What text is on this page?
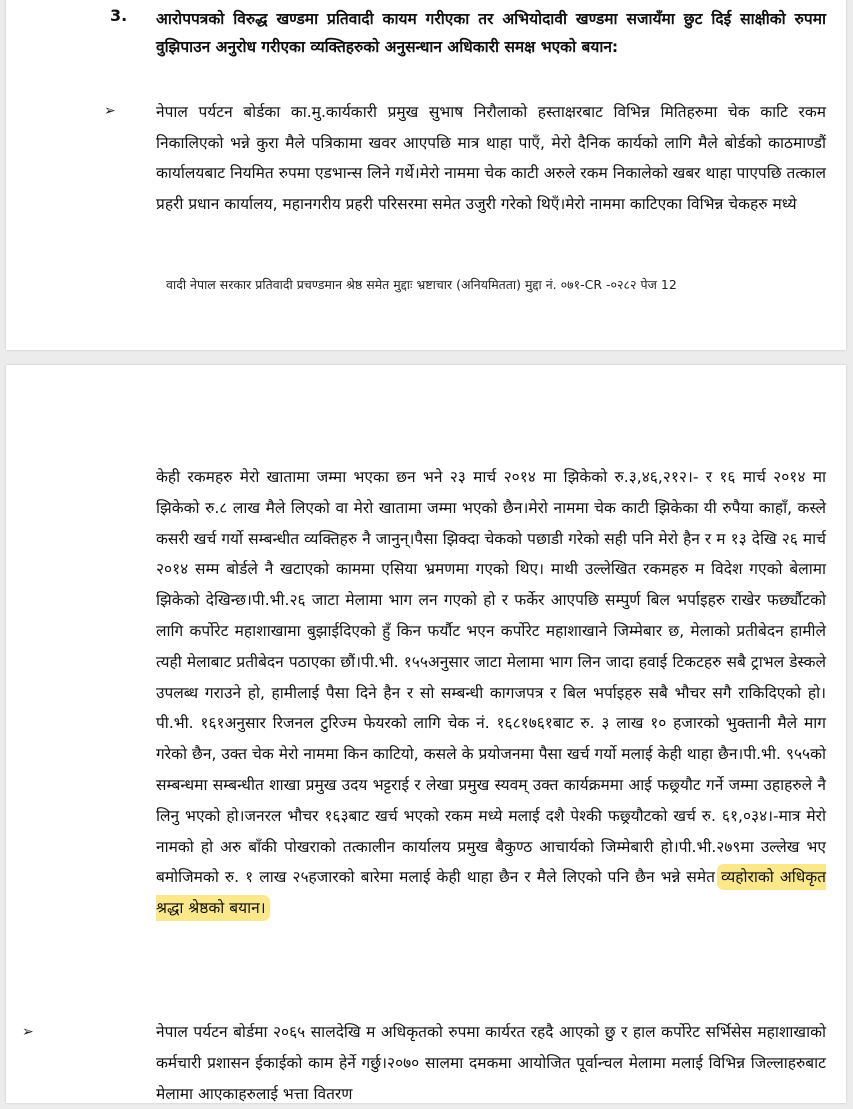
3. आरोपपत्रको विरुद्ध खण्डमा प्रतिवादी कायम गरीएका तर अभियोदावी खण्डमा सजायँमा छुट दिई साक्षीको रुपमा वुझिपाउन अनुरोध गरीएका व्यक्तिहरुको अनुसन्धान अधिकारी समक्ष भएको बयान:
➢	नेपाल पर्यटन बोर्डका का.मु.कार्यकारी प्रमुख सुभाष निरौलाको हस्ताक्षरबाट विभिन्न मितिहरुमा चेक काटि रकम निकालिएको भन्ने कुरा मैले पत्रिकामा खवर आएपछि मात्र थाहा पाएँ, मेरो दैनिक कार्यको लागि मैले बोर्डको काठमाण्डौं कार्यालयबाट नियमित रुपमा एडभान्स लिने गर्थे।मेरो नाममा चेक काटी अरुले रकम निकालेको खबर थाहा पाएपछि तत्काल प्रहरी प्रधान कार्यालय, महानगरीय प्रहरी परिसरमा समेत उजुरी गरेको थिएँ।मेरो नाममा काटिएका विभिन्न चेकहरु मध्ये
वादी नेपाल सरकार प्रतिवादी प्रचण्डमान श्रेष्ठ समेत मुद्दाः भ्रष्टाचार (अनियमितता) मुद्दा नं. ०७१-CR -०२८२ पेज 12
केही रकमहरु मेरो खातामा जम्मा भएका छन भने २३ मार्च २०१४ मा झिकेको रु.३,४६,२१२।- र १६ मार्च २०१४ मा झिकेको रु.८ लाख मैले लिएको वा मेरो खातामा जम्मा भएको छैन।मेरो नाममा चेक काटी झिकेका यी रुपैया काहाँ, कस्ले कसरी खर्च गर्यो सम्बन्धीत व्यक्तिहरु नै जानुन्।पैसा झिक्दा चेकको पछाडी गरेको सही पनि मेरो हैन र म १३ देखि २६ मार्च २०१४ सम्म बोर्डले नै खटाएको काममा एसिया भ्रमणमा गएको थिए। माथी उल्लेखित रकमहरु म विदेश गएको बेलामा झिकेको देखिन्छ।पी.भी.२६ जाटा मेलामा भाग लन गएको हो र फर्केर आएपछि सम्पुर्ण बिल भर्पाइहरु राखेर फर्छ्यौटको लागि कर्पोरेट महाशाखामा बुझाईदिएको हुँ किन फर्यौट भएन कर्पोरेट महाशाखाने जिम्मेबार छ, मेलाको प्रतीबेदन हामीले त्यही मेलाबाट प्रतीबेदन पठाएका छौं।पी.भी. १५५अनुसार जाटा मेलामा भाग लिन जादा हवाई टिकटहरु सबै ट्राभल डेस्कले उपलब्ध गराउने हो, हामीलाई पैसा दिने हैन र सो सम्बन्धी कागजपत्र र बिल भर्पाइहरु सबै भौचर सगै राकिदिएको हो।पी.भी. १६१अनुसार रिजनल टुरिज्म फेयरको लागि चेक नं. १६८१७६१बाट रु. ३ लाख १० हजारको भुक्तानी मैले माग गरेको छैन, उक्त चेक मेरो नाममा किन काटियो, कसले के प्रयोजनमा पैसा खर्च गर्यो मलाई केही थाहा छैन।पी.भी. ९५५को सम्बन्धमा सम्बन्धीत शाखा प्रमुख उदय भट्टराई र लेखा प्रमुख स्यवम् उक्त कार्यक्रममा आई फछ्र्यौट गर्ने जम्मा उहाहरुले नै लिनु भएको हो।जनरल भौचर १६३बाट खर्च भएको रकम मध्ये मलाई दशै पेश्की फछ्र्यौटको खर्च रु. ६१,०३४।-मात्र मेरो नामको हो अरु बाँकी पोखराको तत्कालीन कार्यालय प्रमुख बैकुण्ठ आचार्यको जिम्मेबारी हो।पी.भी.२७९मा उल्लेख भए बमोजिमको रु. १ लाख २५हजारको बारेमा मलाई केही थाहा छैन र मैले लिएको पनि छैन भन्ने समेत व्यहोराको अधिकृत श्रद्धा श्रेष्ठको बयान।
➢	नेपाल पर्यटन बोर्डमा २०६५ सालदेखि म अधिकृतको रुपमा कार्यरत रहदै आएको छु र हाल कर्पोरेट सर्भिसेस महाशाखाको कर्मचारी प्रशासन ईकाईको काम हेर्ने गर्छु।२०७० सालमा दमकमा आयोजित पूर्वान्चल मेलामा मलाई विभिन्न जिल्लाहरुबाट मेलामा आएकाहरुलाई भत्ता वितरण
